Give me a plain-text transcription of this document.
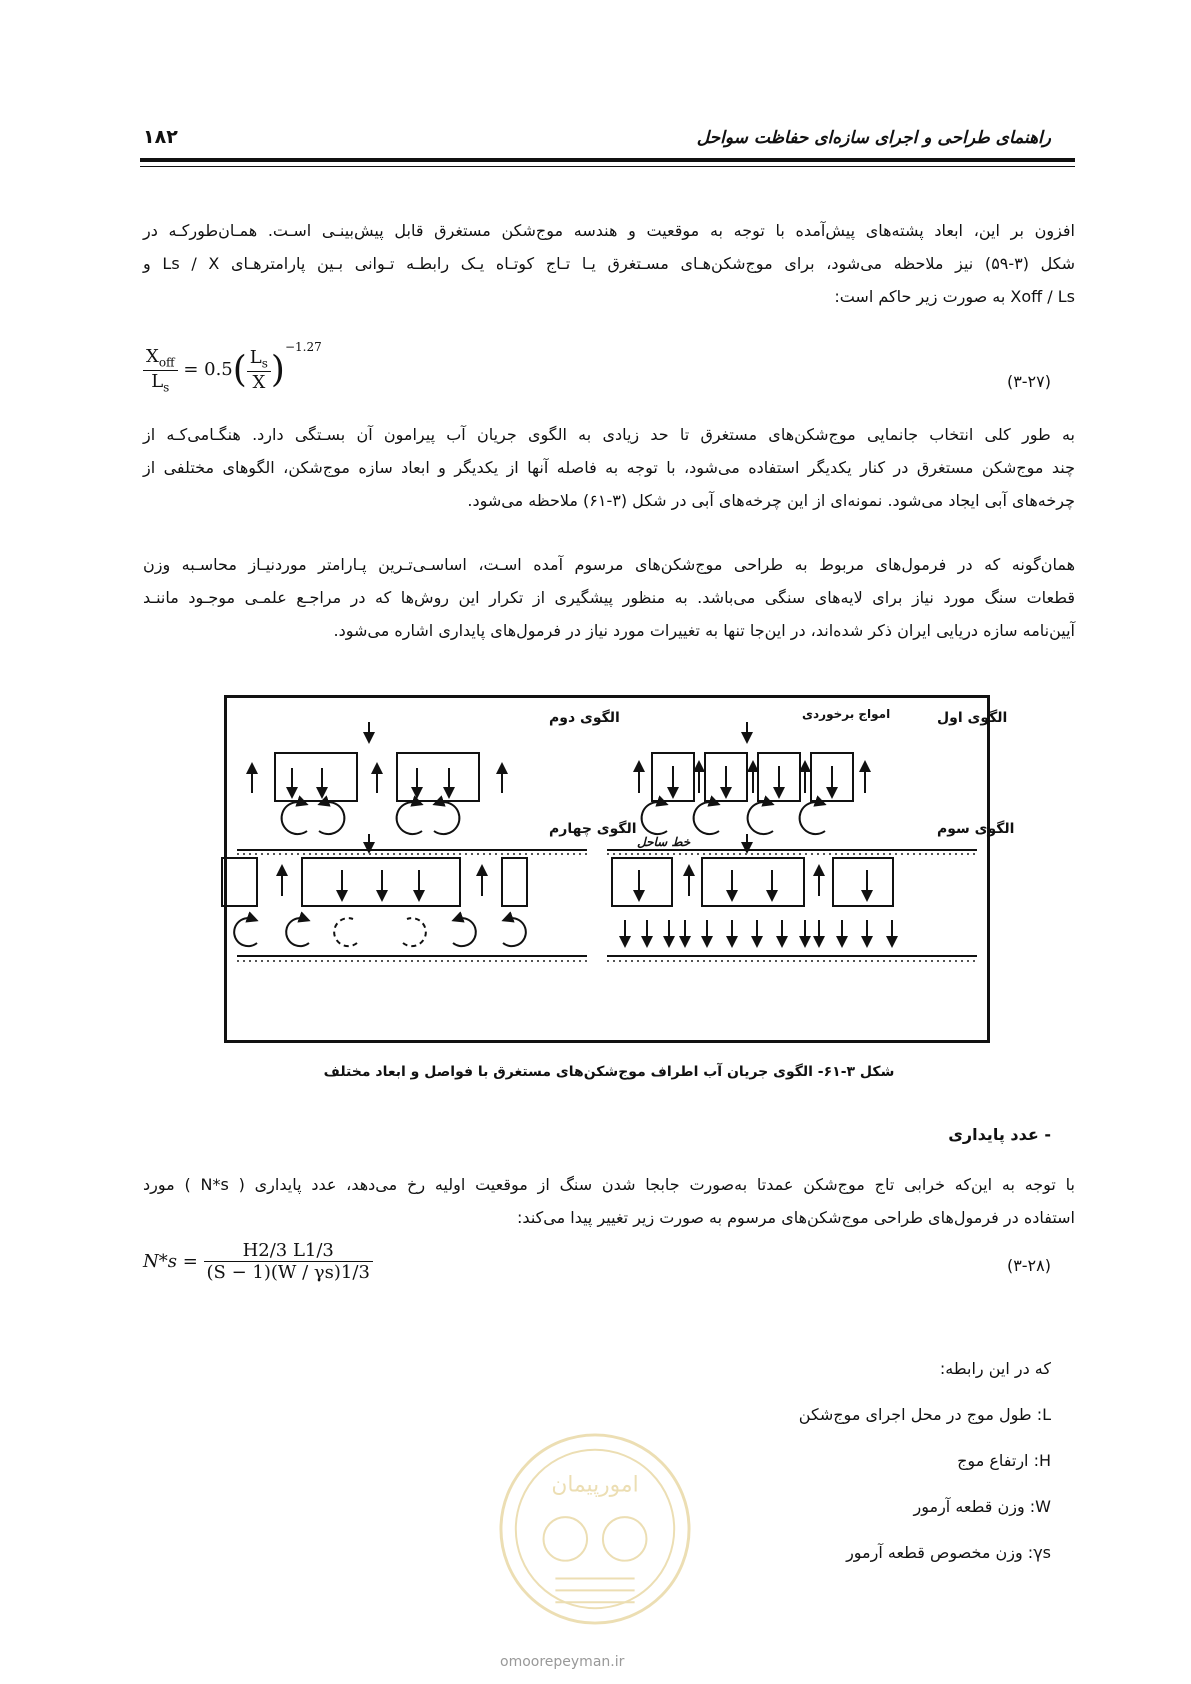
راهنمای طراحی و اجرای سازه‌ای حفاظت سواحل
۱۸۲
افزون بر این، ابعاد پشته‌های پیش‌آمده با توجه به موقعیت و هندسه موج‌شکن مستغرق قابل پیش‌بینـی اسـت. همـان‌طورکـه در
شکل (۳-۵۹) نیز ملاحظه می‌شود، برای موج‌شکن‌هـای مسـتغرق یـا تـاج کوتـاه یـک رابطـه تـوانی بـین پارامترهـای Ls / X و
Xoff / Ls به صورت زیر حاکم است:
$\frac{X_{off}}{L_s} = 0.5( \frac{L_s}{X} )^{-1.27}$
(۳-۲۷)
به طور کلی انتخاب جانمایی موج‌شکن‌های مستغرق تا حد زیادی به الگوی جریان آب پیرامون آن بسـتگی دارد. هنگـامی‌کـه از
چند موج‌شکن مستغرق در کنار یکدیگر استفاده می‌شود، با توجه به فاصله آنها از یکدیگر و ابعاد سازه موج‌شکن، الگوهای مختلفی از
چرخه‌های آبی ایجاد می‌شود. نمونه‌ای از این چرخه‌های آبی در شکل (۳-۶۱) ملاحظه می‌شود.
همان‌گونه که در فرمول‌های مربوط به طراحی موج‌شکن‌های مرسوم آمده اسـت، اساسـی‌تـرین پـارامتر موردنیـاز محاسـبه وزن
قطعات سنگ مورد نیاز برای لایه‌های سنگی می‌باشد. به منظور پیشگیری از تکرار این روش‌ها که در مراجـع علمـی موجـود ماننـد
آیین‌نامه سازه دریایی ایران ذکر شده‌اند، در این‌جا تنها به تغییرات مورد نیاز در فرمول‌های پایداری اشاره می‌شود.
الگوی دوم	الگوی اول
امواج برخوردی
خط ساحل
الگوی چهارم	الگوی سوم
شکل ۳-۶۱- الگوی جریان آب اطراف موج‌شکن‌های مستغرق با فواصل و ابعاد مختلف
- عدد پایداری
با توجه به این‌که خرابی تاج موج‌شکن عمدتا به‌صورت جابجا شدن سنگ از موقعیت اولیه رخ می‌دهد، عدد پایداری ( N*s ) مورد
استفاده در فرمول‌های طراحی موج‌شکن‌های مرسوم به صورت زیر تغییر پیدا می‌کند:
$N*s = \frac{H2/3 L1/3}{(S - 1)(W / \gamma s)1/3}$	(۳-۲۸)
که در این رابطه:
L: طول موج در محل اجرای موج‌شکن
H: ارتفاع موج
W: وزن قطعه آرمور
γs: وزن مخصوص قطعه آرمور
امورپیمان
omoorepeyman.ir
